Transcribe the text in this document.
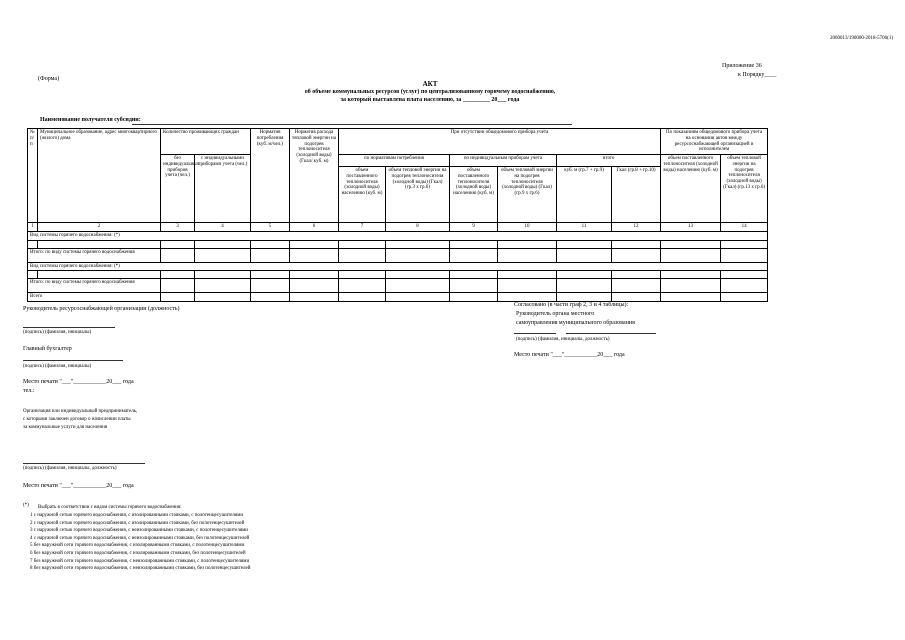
2060013/190000-2018-5706(1)
Приложение 36
к Порядку____
(Форма)
АКТ
об объеме коммунальных ресурсов (услуг) по централизованному горячему водоснабжению,
за который выставлена плата населению, за _________ 20___ года
Наименование получателя субсидии:
№ п/п	Муниципальное образование, адрес многоквартирного (жилого) дома	Количество проживающих граждан		Норматив потребления (куб. м/чел.)	Норматив расхода тепловой энергии на подогрев теплоносителя (холодной воды) (Гкал/ куб. м)	При отсутствии общедомового прибора учета						По показаниям общедомового прибора учета на основании актов между ресурсоснабжающей организацией и исполнителем	
		без индивидуальных приборов учета (чел.)	с индивидуальными приборами учета (чел.)			по нормативам потребления		по индивидуальным приборам учета		итого		объем поставленного теплоносителя (холодной воды) населению (куб. м)	объем тепловой энергии на подогрев теплоносителя (холодной воды) (Гкал) (гр.13 x гр.6)
						объем поставленного теплоносителя (холодной воды) населению (куб. м)	объем тепловой энергии на подогрев теплоносителя (холодной воды) (Гкал) (гр.3 x гр.6)	объем поставленного теплоносителя (холодной воды) населению (куб. м)	объем тепловой энергии на подогрев теплоносителя (холодной воды) (Гкал) (гр.9 x гр.6)	куб. м (гр.7 + гр.9)	Гкал (гр.8 + гр.10)		
1	2	3	4	5	6	7	8	9	10	11	12	13	14
Вид системы горячего водоснабжения: (*)													

Итого: по виду системы горячего водоснабжения													
Вид системы горячего водоснабжения: (*)													

Итого: по виду системы горячего водоснабжения													
Всего													
Руководитель ресурсоснабжающей организации (должность)
(подпись) (фамилия, инициалы)
Главный бухгалтер
(подпись) (фамилия, инициалы)
Место печати "___"___________20___ года
тел.:
Организация или индивидуальный предприниматель,
с которыми заключен договор о начислении платы
за коммунальные услуги для населения
(подпись) (фамилия, инициалы, должность)
Место печати "___"___________20___ года
Согласовано (в части граф 2, 3 и 4 таблицы):
Руководитель органа местного
самоуправления муниципального образования
(подпись) (фамилия, инициалы, должность)
Место печати "___"___________20___ года
(*) Выбрать в соответствии с видом системы горячего водоснабжения:
1 с наружной сетью горячего водоснабжения, с изолированными стояками, с полотенцесушителями
2 с наружной сетью горячего водоснабжения, с изолированными стояками, без полотенцесушителей
3 с наружной сетью горячего водоснабжения, с неизолированными стояками, с полотенцесушителями
4 с наружной сетью горячего водоснабжения, с неизолированными стояками, без полотенцесушителей
5 без наружной сети горячего водоснабжения, с изолированными стояками, с полотенцесушителями
6 без наружной сети горячего водоснабжения, с изолированными стояками, без полотенцесушителей
7 без наружной сети горячего водоснабжения, с неизолированными стояками, с полотенцесушителями
8 без наружной сети горячего водоснабжения, с неизолированными стояками, без полотенцесушителей
